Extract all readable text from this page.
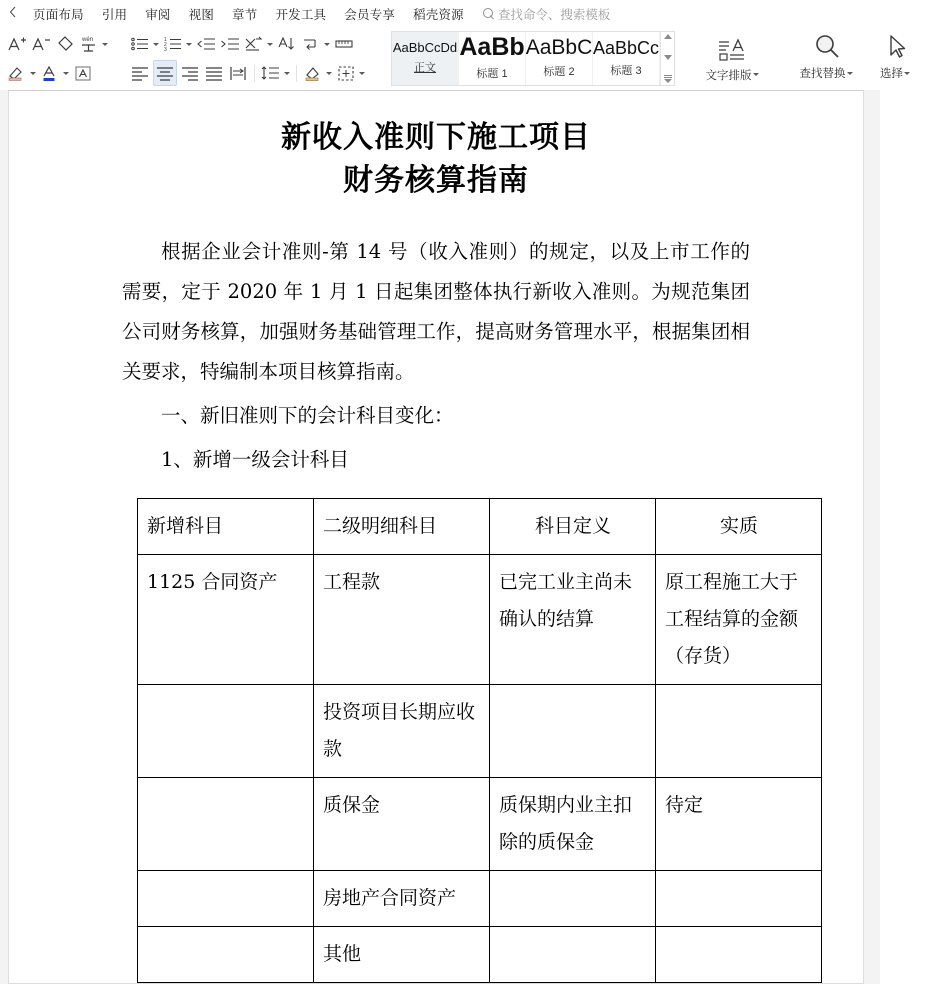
页面布局	引用	审阅	视图	章节	开发工具	会员专享	稻壳资源	查找命令、搜索模板
wén	1
2
3	AaBbCcDd
正文
AaBb
标题 1
AaBbC
标题 2
AaBbCc
标题 3	文字排版	查找替换	选择
新收入准则下施工项目
财务核算指南
根据企业会计准则-第 14 号（收入准则）的规定，以及上市工作的需要，定于 2020 年 1 月 1 日起集团整体执行新收入准则。为规范集团公司财务核算，加强财务基础管理工作，提高财务管理水平，根据集团相关要求，特编制本项目核算指南。
一、新旧准则下的会计科目变化：
1、新增一级会计科目
新增科目	二级明细科目	科目定义	实质
1125 合同资产	工程款	已完工业主尚未确认的结算	原工程施工大于工程结算的金额（存货）
	投资项目长期应收款		
	质保金	质保期内业主扣除的质保金	待定
	房地产合同资产		
	其他		
